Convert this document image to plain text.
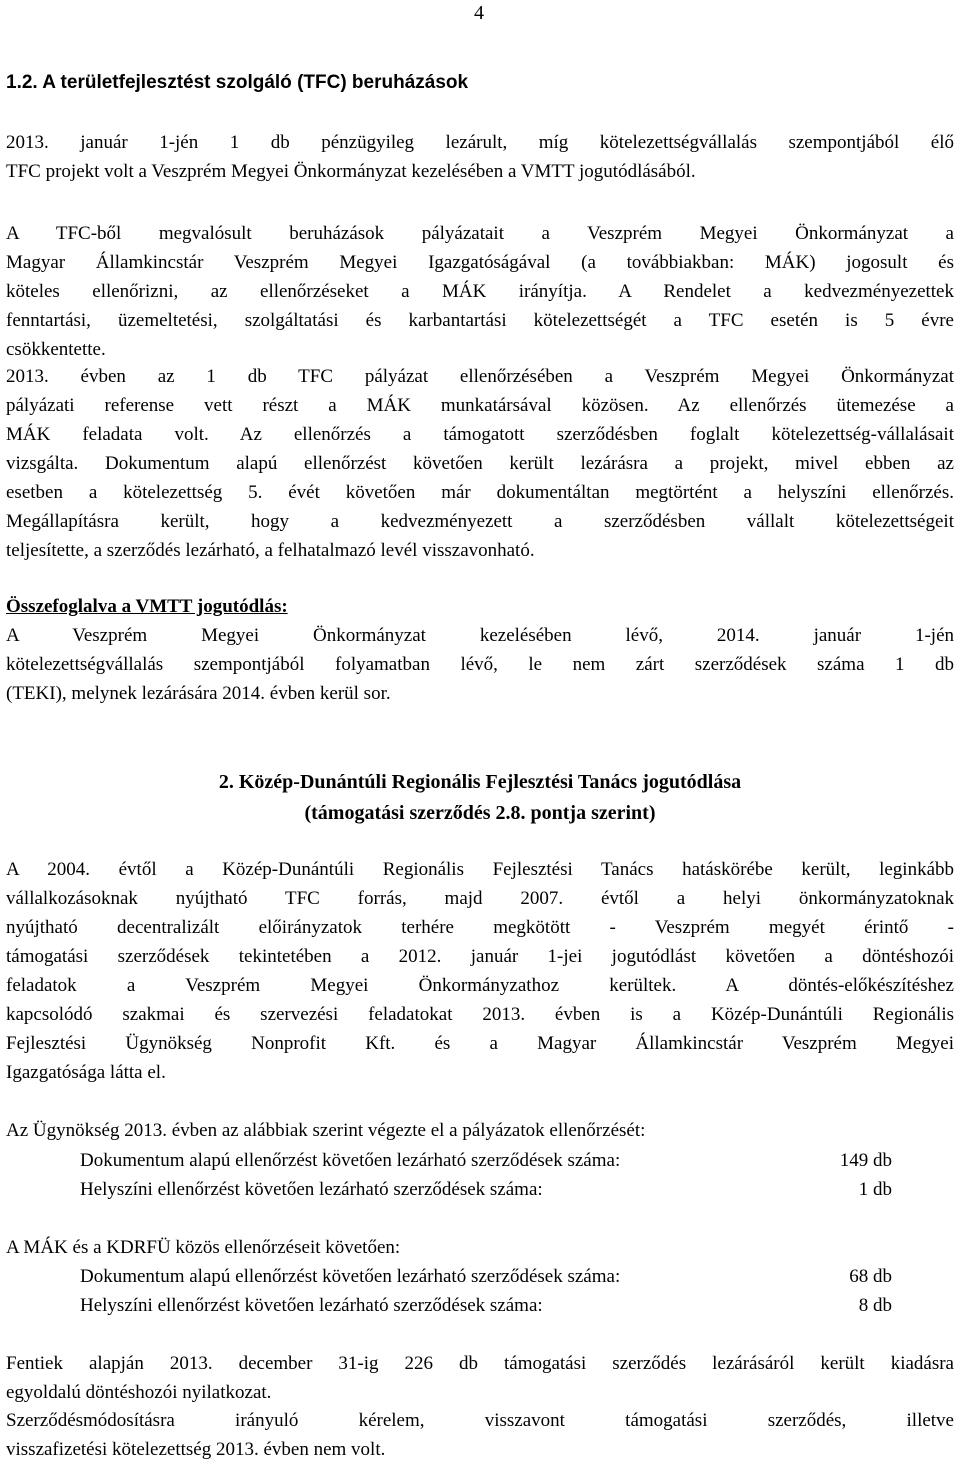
4
1.2. A területfejlesztést szolgáló (TFC) beruházások

2013. január 1-jén 1 db pénzügyileg lezárult, míg kötelezettségvállalás szempontjából élő
TFC projekt volt a Veszprém Megyei Önkormányzat kezelésében a VMTT jogutódlásából.

A TFC-ből megvalósult beruházások pályázatait a Veszprém Megyei Önkormányzat a
Magyar Államkincstár Veszprém Megyei Igazgatóságával (a továbbiakban: MÁK) jogosult és
köteles ellenőrizni, az ellenőrzéseket a MÁK irányítja. A Rendelet a kedvezményezettek
fenntartási, üzemeltetési, szolgáltatási és karbantartási kötelezettségét a TFC esetén is 5 évre
csökkentette.

2013. évben az 1 db TFC pályázat ellenőrzésében a Veszprém Megyei Önkormányzat
pályázati referense vett részt a MÁK munkatársával közösen. Az ellenőrzés ütemezése a
MÁK feladata volt. Az ellenőrzés a támogatott szerződésben foglalt kötelezettség-vállalásait
vizsgálta. Dokumentum alapú ellenőrzést követően került lezárásra a projekt, mivel ebben az
esetben a kötelezettség 5. évét követően már dokumentáltan megtörtént a helyszíni ellenőrzés.
Megállapításra került, hogy a kedvezményezett a szerződésben vállalt kötelezettségeit
teljesítette, a szerződés lezárható, a felhatalmazó levél visszavonható.

Összefoglalva a VMTT jogutódlás:
A Veszprém Megyei Önkormányzat kezelésében lévő, 2014. január 1-jén
kötelezettségvállalás szempontjából folyamatban lévő, le nem zárt szerződések száma 1 db
(TEKI), melynek lezárására 2014. évben kerül sor.

2. Közép-Dunántúli Regionális Fejlesztési Tanács jogutódlása
(támogatási szerződés 2.8. pontja szerint)

A 2004. évtől a Közép-Dunántúli Regionális Fejlesztési Tanács hatáskörébe került, leginkább
vállalkozásoknak nyújtható TFC forrás, majd 2007. évtől a helyi önkormányzatoknak
nyújtható decentralizált előirányzatok terhére megkötött - Veszprém megyét érintő -
támogatási szerződések tekintetében a 2012. január 1-jei jogutódlást követően a döntéshozói
feladatok a Veszprém Megyei Önkormányzathoz kerültek. A döntés-előkészítéshez
kapcsolódó szakmai és szervezési feladatokat 2013. évben is a Közép-Dunántúli Regionális
Fejlesztési Ügynökség Nonprofit Kft. és a Magyar Államkincstár Veszprém Megyei
Igazgatósága látta el.

Az Ügynökség 2013. évben az alábbiak szerint végezte el a pályázatok ellenőrzését:
Dokumentum alapú ellenőrzést követően lezárható szerződések száma:	149 db
Helyszíni ellenőrzést követően lezárható szerződések száma:	1 db
A MÁK és a KDRFÜ közös ellenőrzéseit követően:
Dokumentum alapú ellenőrzést követően lezárható szerződések száma:	68 db
Helyszíni ellenőrzést követően lezárható szerződések száma:	8 db

Fentiek alapján 2013. december 31-ig 226 db támogatási szerződés lezárásáról került kiadásra
egyoldalú döntéshozói nyilatkozat.

Szerződésmódosításra irányuló kérelem, visszavont támogatási szerződés, illetve
visszafizetési kötelezettség 2013. évben nem volt.
